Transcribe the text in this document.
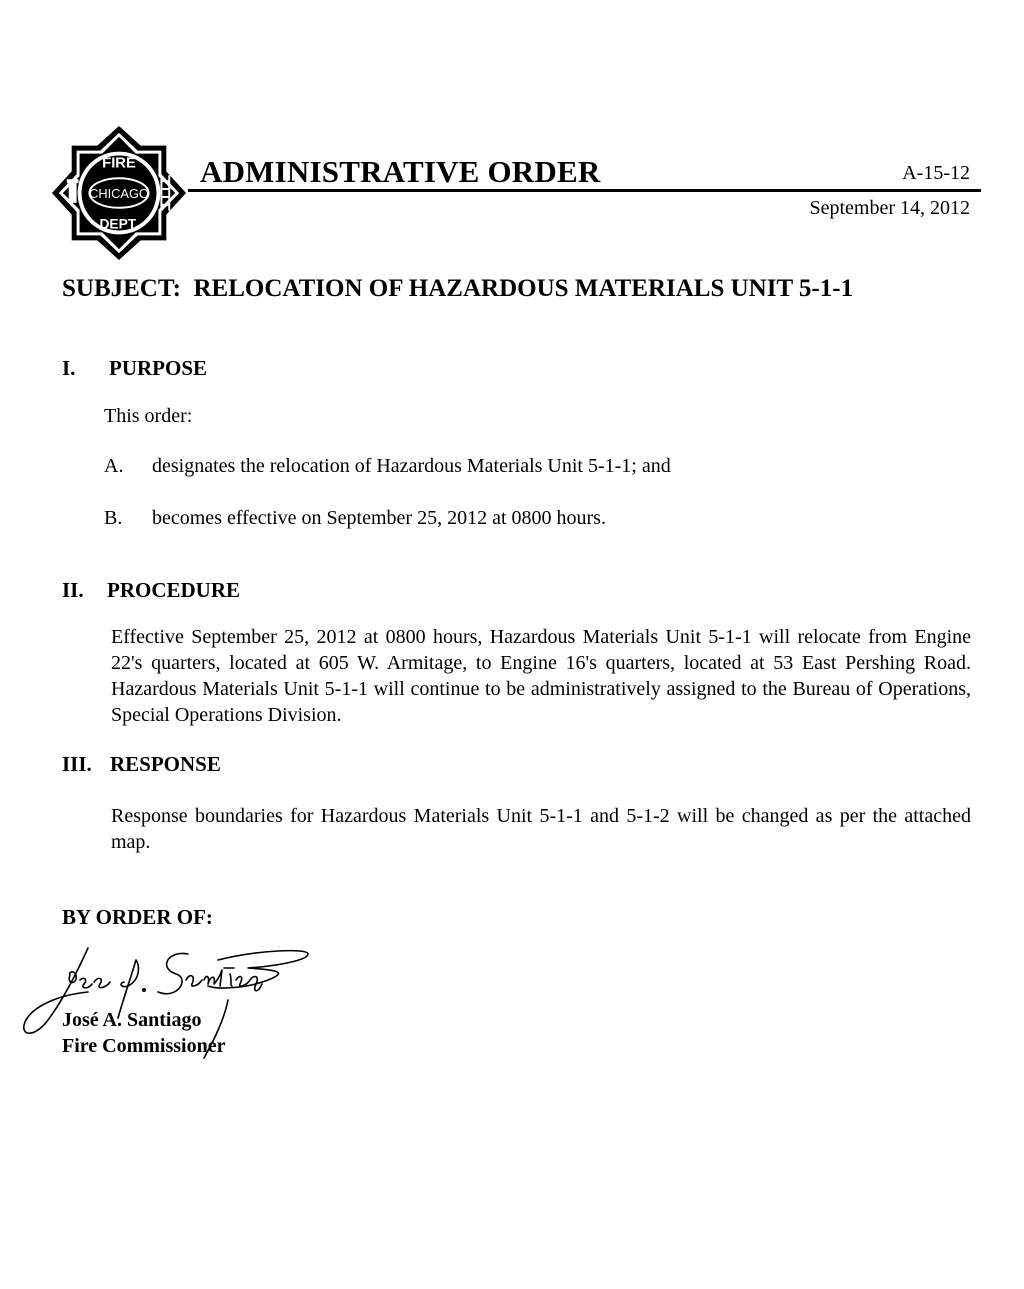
CHICAGO
FIRE
DEPT.
ADMINISTRATIVE ORDER	A-15-12
September 14, 2012
SUBJECT:  RELOCATION OF HAZARDOUS MATERIALS UNIT 5-1-1
I. PURPOSE
This order:
A. designates the relocation of Hazardous Materials Unit 5-1-1; and
B. becomes effective on September 25, 2012 at 0800 hours.
II. PROCEDURE
Effective September 25, 2012 at 0800 hours, Hazardous Materials Unit 5-1-1 will relocate from Engine 22's quarters, located at 605 W. Armitage, to Engine 16's quarters, located at 53 East Pershing Road. Hazardous Materials Unit 5-1-1 will continue to be administratively assigned to the Bureau of Operations, Special Operations Division.
III. RESPONSE
Response boundaries for Hazardous Materials Unit 5-1-1 and 5-1-2 will be changed as per the attached map.
BY ORDER OF:
José A. Santiago
Fire Commissioner
